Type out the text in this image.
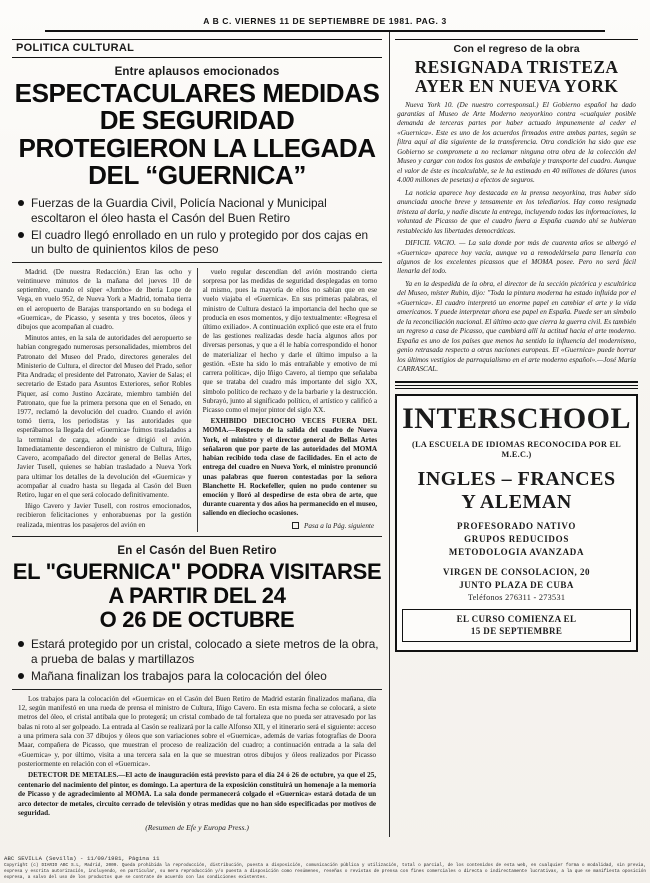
A B C. VIERNES 11 DE SEPTIEMBRE DE 1981. PAG. 3
POLITICA CULTURAL
Entre aplausos emocionados
ESPECTACULARES MEDIDAS DE SEGURIDAD
PROTEGIERON LA LLEGADA DEL “GUERNICA”
Fuerzas de la Guardia Civil, Policía Nacional y Municipal escoltaron el óleo hasta el Casón del Buen Retiro
El cuadro llegó enrollado en un rulo y protegido por dos cajas en un bulto de quinientos kilos de peso

Madrid. (De nuestra Redacción.) Eran las ocho y veintinueve minutos de la mañana del jueves 10 de septiembre, cuando el súper «Jumbo» de Iberia Lope de Vega, en vuelo 952, de Nueva York a Madrid, tomaba tierra en el aeropuerto de Barajas transportando en su bodega el «Guernica», de Picasso, y sesenta y tres bocetos, óleos y dibujos que acompañan al cuadro.

Minutos antes, en la sala de autoridades del aeropuerto se habían congregado numerosas personalidades, miembros del Patronato del Museo del Prado, directores generales del Ministerio de Cultura, el director del Museo del Prado, señor Pita Andrada; el presidente del Patronato, Xavier de Salas; el secretario de Estado para Asuntos Exteriores, señor Robles Piquer, así como Justino Azcárate, miembro también del Patronato, que fue la primera persona que en el Senado, en 1977, reclamó la devolución del cuadro. Cuando el avión tomó tierra, los periodistas y las autoridades que esperábamos la llegada del «Guernica» fuimos trasladados a la terminal de carga, adonde se dirigió el avión. Inmediatamente descendieron el ministro de Cultura, Iñigo Cavero, acompañado del director general de Bellas Artes, Javier Tusell, quienes se habían trasladado a Nueva York para ultimar los detalles de la devolución del «Guernica» y acompañar al cuadro hasta su llegada al Casón del Buen Retiro, lugar en el que será colocado definitivamente.

Iñigo Cavero y Javier Tusell, con rostros emocionados, recibieron felicitaciones y enhorabuenas por la gestión realizada, mientras los pasajeros del avión en

vuelo regular descendían del avión mostrando cierta sorpresa por las medidas de seguridad desplegadas en torno al mismo, pues la mayoría de ellos no sabían que en ese vuelo viajaba el «Guernica». En sus primeras palabras, el ministro de Cultura destacó la importancia del hecho que se producía en esos momentos, y dijo textualmente: «Regresa el último exiliado». A continuación explicó que este era el fruto de las gestiones realizadas desde hacía algunos años por diversas personas, y que a él le había correspondido el honor de materializar el hecho y darle el último impulso a la gestión. «Este ha sido lo más entrañable y emotivo de mi carrera política», dijo Iñigo Cavero, al tiempo que señalaba que se trataba del cuadro más importante del siglo XX, símbolo político de rechazo y de la barbarie y la destrucción. Subrayó, junto al significado político, el artístico y calificó a Picasso como el mejor pintor del siglo XX.

EXHIBIDO DIECIOCHO VECES FUERA DEL MOMA.—Respecto de la salida del cuadro de Nueva York, el ministro y el director general de Bellas Artes señalaron que por parte de las autoridades del MOMA habían recibido toda clase de facilidades. En el acto de entrega del cuadro en Nueva York, el ministro pronunció unas palabras que fueron contestadas por la señora Blanchette H. Rockefeller, quien no pudo contener su emoción y lloró al despedirse de esta obra de arte, que durante cuarenta y dos años ha permanecido en el museo, saliendo en dieciocho ocasiones.

Pasa a la Pág. siguiente
En el Casón del Buen Retiro
EL "GUERNICA" PODRA VISITARSE A PARTIR DEL 24
O 26 DE OCTUBRE
Estará protegido por un cristal, colocado a siete metros de la obra, a prueba de balas y martillazos
Mañana finalizan los trabajos para la colocación del óleo

Los trabajos para la colocación del «Guernica» en el Casón del Buen Retiro de Madrid estarán finalizados mañana, día 12, según manifestó en una rueda de prensa el ministro de Cultura, Iñigo Cavero. En esta misma fecha se colocará, a siete metros del óleo, el cristal antibala que lo protegerá; un cristal combado de tal fortaleza que no pueda ser atravesado por las balas ni roto al ser golpeado. La entrada al Casón se realizará por la calle Alfonso XII, y el itinerario será el siguiente: acceso a una primera sala con 37 dibujos y óleos que son variaciones sobre el «Guernica», además de varias fotografías de Doora Maar, compañera de Picasso, que muestran el proceso de realización del cuadro; a continuación entrada a la sala del «Guernica» y, por último, visita a una tercera sala en la que se muestran otros dibujos y óleos realizados por Picasso posteriormente en relación con el «Guernica».

DETECTOR DE METALES.—El acto de inauguración está previsto para el día 24 ó 26 de octubre, ya que el 25, centenario del nacimiento del pintor, es domingo. La apertura de la exposición constituirá un homenaje a la memoria de Picasso y de agradecimiento al MOMA. La sala donde permanecerá colgado el «Guernica» estará dotada de un arco detector de metales, circuito cerrado de televisión y otras medidas que no han sido especificadas por motivos de seguridad.

(Resumen de Efe y Europa Press.)
Con el regreso de la obra
RESIGNADA TRISTEZA
AYER EN NUEVA YORK

Nueva York 10. (De nuestro corresponsal.) El Gobierno español ha dado garantías al Museo de Arte Moderno neoyorkino contra «cualquier posible demanda de terceras partes por haber actuado impunemente al ceder el «Guernica». Este es uno de los acuerdos firmados entre ambas partes, según se filtra aquí al día siguiente de la transferencia. Otra condición ha sido que ese Gobierno se compromete a no reclamar ninguna otra obra de la colección del Museo y cargar con todos los gastos de embalaje y transporte del cuadro. Aunque el valor de éste es incalculable, se le ha estimado en 40 millones de dólares (unos 4.000 millones de pesetas) a efectos de seguros.

La noticia aparece hoy destacada en la prensa neoyorkina, tras haber sido anunciada anoche breve y tensamente en los telediarios. Hay como resignada tristeza al darla, y nadie discute la entrega, incluyendo todas las informaciones, la voluntad de Picasso de que el cuadro fuera a España cuando ahí se hubieran restablecido las libertades democráticas.

DIFICIL VACIO. — La sala donde por más de cuarenta años se albergó el «Guernica» aparece hoy vacía, aunque va a remodelársela para llenarla con algunos de los excelentes picassos que el MOMA posee. Pero no será fácil llenarla del todo.

Ya en la despedida de la obra, el director de la sección pictórica y escultórica del Museo, míster Rubin, dijo: "Toda la pintura moderna ha estado influida por el «Guernica». El cuadro interpretó un enorme papel en cambiar el arte y la vida americanos. Y puede interpretar ahora ese papel en España. Puede ser un símbolo de la reconciliación nacional. El último acto que cierra la guerra civil. Es también un regreso a casa de Picasso, que cambiará allí la actitud hacia el arte moderno. España es uno de los países que menos ha sentido la influencia del modernismo, genio retrasada respecto a otras naciones europeas. El «Guernica» puede borrar los últimos vestigios de parroquialismo en el arte moderno español».—José María CARRASCAL.

INTERSCHOOL
(LA ESCUELA DE IDIOMAS RECONOCIDA POR EL M.E.C.)
INGLES – FRANCES
Y ALEMAN
PROFESORADO NATIVO
GRUPOS REDUCIDOS
METODOLOGIA AVANZADA
VIRGEN DE CONSOLACION, 20
JUNTO PLAZA DE CUBA
Teléfonos 276311 - 273531
EL CURSO COMIENZA EL
15 DE SEPTIEMBRE
ABC SEVILLA (Sevilla) - 11/09/1981, Página 11
Copyright (c) DIARIO ABC S.L, Madrid, 2009. Queda prohibida la reproducción, distribución, puesta a disposición, comunicación pública y utilización, total o parcial, de los contenidos de esta web, en cualquier forma o modalidad, sin previa, expresa y escrita autorización, incluyendo, en particular, su mera reproducción y/o puesta a disposición como resúmenes, reseñas o revistas de prensa con fines comerciales o directa o indirectamente lucrativas, a la que se manifiesta oposición expresa, a salvo del uso de los productos que se contrate de acuerdo con las condiciones existentes.
